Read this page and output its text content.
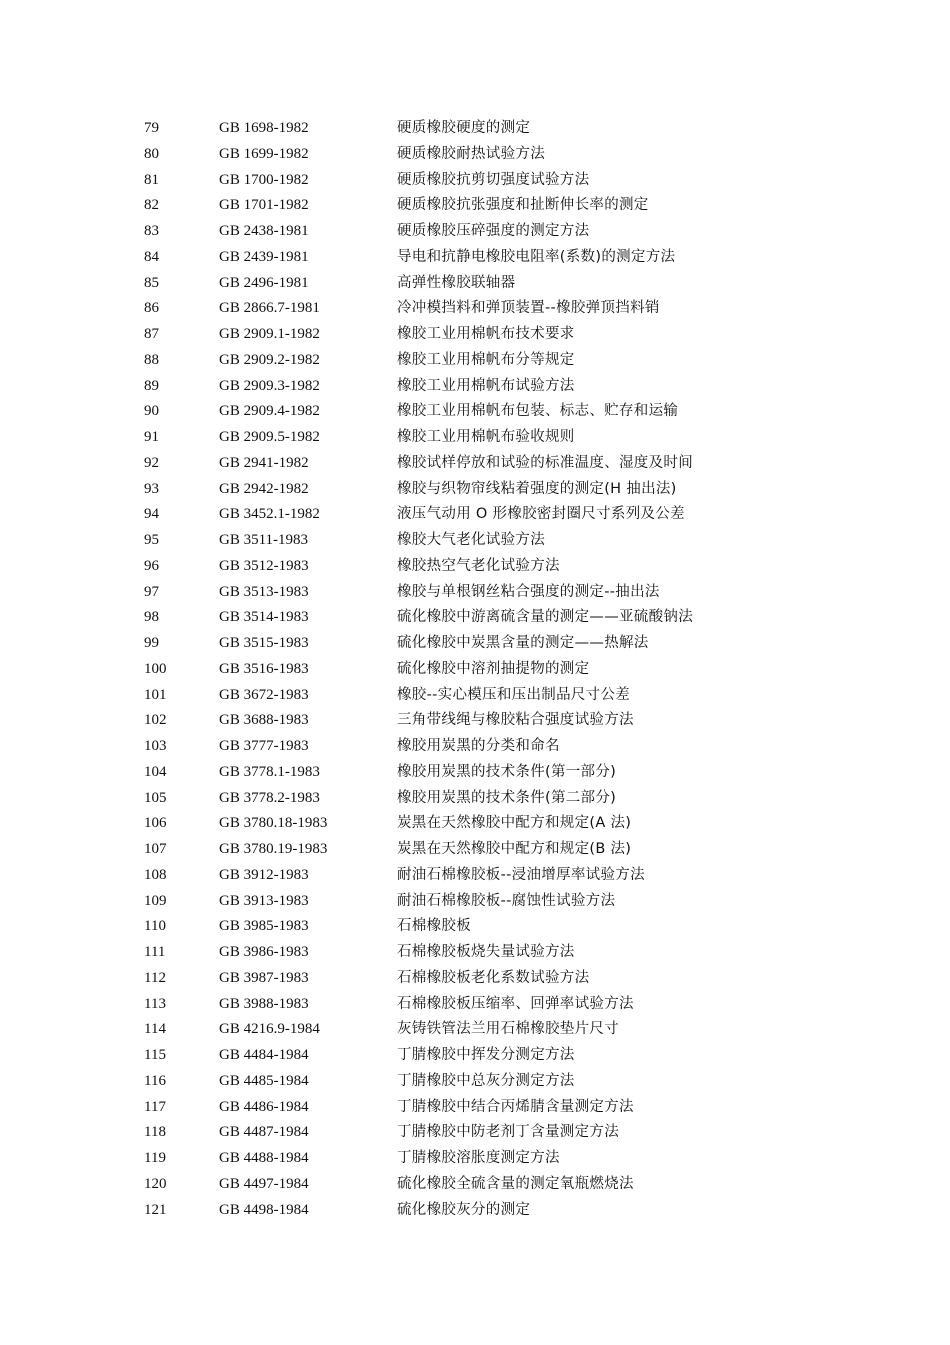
79	GB 1698-1982	硬质橡胶硬度的测定
80	GB 1699-1982	硬质橡胶耐热试验方法
81	GB 1700-1982	硬质橡胶抗剪切强度试验方法
82	GB 1701-1982	硬质橡胶抗张强度和扯断伸长率的测定
83	GB 2438-1981	硬质橡胶压碎强度的测定方法
84	GB 2439-1981	导电和抗静电橡胶电阻率(系数)的测定方法
85	GB 2496-1981	高弹性橡胶联轴器
86	GB 2866.7-1981	冷冲模挡料和弹顶装置--橡胶弹顶挡料销
87	GB 2909.1-1982	橡胶工业用棉帆布技术要求
88	GB 2909.2-1982	橡胶工业用棉帆布分等规定
89	GB 2909.3-1982	橡胶工业用棉帆布试验方法
90	GB 2909.4-1982	橡胶工业用棉帆布包装、标志、贮存和运输
91	GB 2909.5-1982	橡胶工业用棉帆布验收规则
92	GB 2941-1982	橡胶试样停放和试验的标准温度、湿度及时间
93	GB 2942-1982	橡胶与织物帘线粘着强度的测定(H 抽出法)
94	GB 3452.1-1982	液压气动用 O 形橡胶密封圈尺寸系列及公差
95	GB 3511-1983	橡胶大气老化试验方法
96	GB 3512-1983	橡胶热空气老化试验方法
97	GB 3513-1983	橡胶与单根钢丝粘合强度的测定--抽出法
98	GB 3514-1983	硫化橡胶中游离硫含量的测定——亚硫酸钠法
99	GB 3515-1983	硫化橡胶中炭黑含量的测定——热解法
100	GB 3516-1983	硫化橡胶中溶剂抽提物的测定
101	GB 3672-1983	橡胶--实心模压和压出制品尺寸公差
102	GB 3688-1983	三角带线绳与橡胶粘合强度试验方法
103	GB 3777-1983	橡胶用炭黑的分类和命名
104	GB 3778.1-1983	橡胶用炭黑的技术条件(第一部分)
105	GB 3778.2-1983	橡胶用炭黑的技术条件(第二部分)
106	GB 3780.18-1983	炭黑在天然橡胶中配方和规定(A 法)
107	GB 3780.19-1983	炭黑在天然橡胶中配方和规定(B 法)
108	GB 3912-1983	耐油石棉橡胶板--浸油增厚率试验方法
109	GB 3913-1983	耐油石棉橡胶板--腐蚀性试验方法
110	GB 3985-1983	石棉橡胶板
111	GB 3986-1983	石棉橡胶板烧失量试验方法
112	GB 3987-1983	石棉橡胶板老化系数试验方法
113	GB 3988-1983	石棉橡胶板压缩率、回弹率试验方法
114	GB 4216.9-1984	灰铸铁管法兰用石棉橡胶垫片尺寸
115	GB 4484-1984	丁腈橡胶中挥发分测定方法
116	GB 4485-1984	丁腈橡胶中总灰分测定方法
117	GB 4486-1984	丁腈橡胶中结合丙烯腈含量测定方法
118	GB 4487-1984	丁腈橡胶中防老剂丁含量测定方法
119	GB 4488-1984	丁腈橡胶溶胀度测定方法
120	GB 4497-1984	硫化橡胶全硫含量的测定氧瓶燃烧法
121	GB 4498-1984	硫化橡胶灰分的测定
